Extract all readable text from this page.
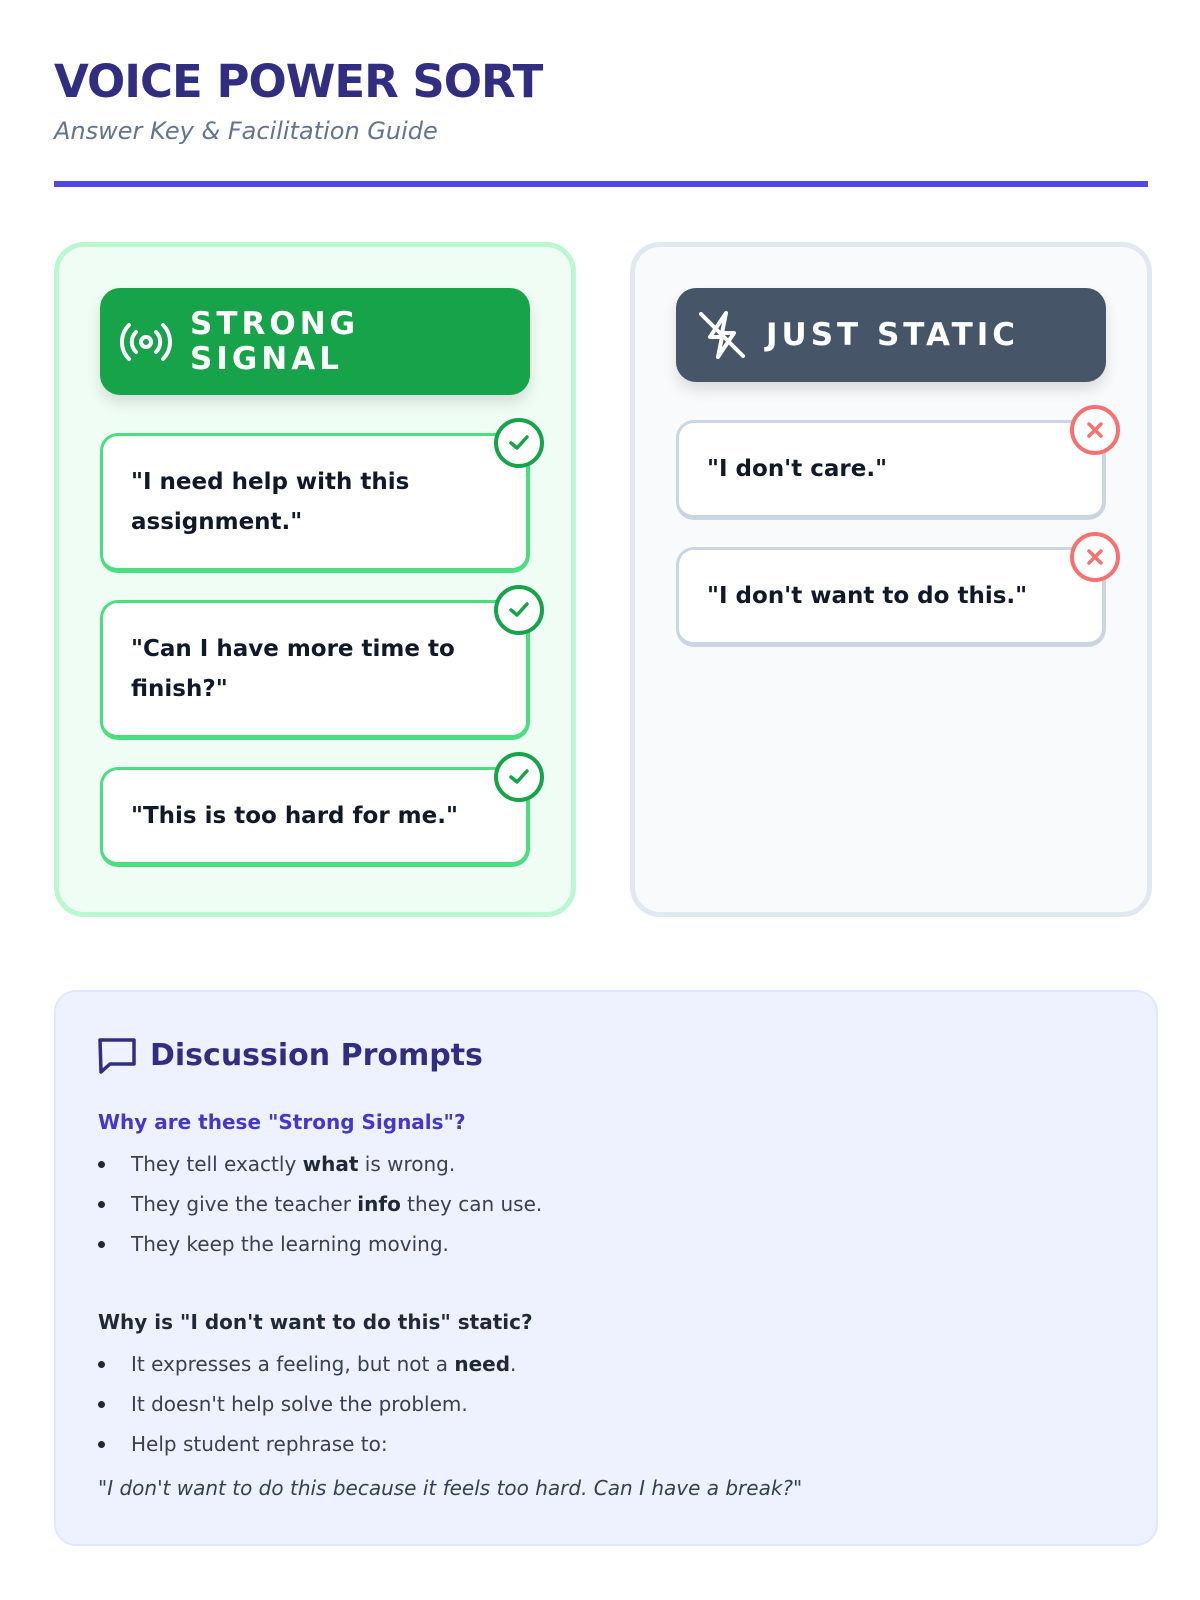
VOICE POWER SORT
Answer Key & Facilitation Guide
STRONG SIGNAL
"I need help with this assignment."
"Can I have more time to finish?"
"This is too hard for me."
JUST STATIC
"I don't care."
"I don't want to do this."
Discussion Prompts
Why are these "Strong Signals"?
They tell exactly what is wrong.
They give the teacher info they can use.
They keep the learning moving.
Why is "I don't want to do this" static?
It expresses a feeling, but not a need.
It doesn't help solve the problem.
Help student rephrase to:
"I don't want to do this because it feels too hard. Can I have a break?"
